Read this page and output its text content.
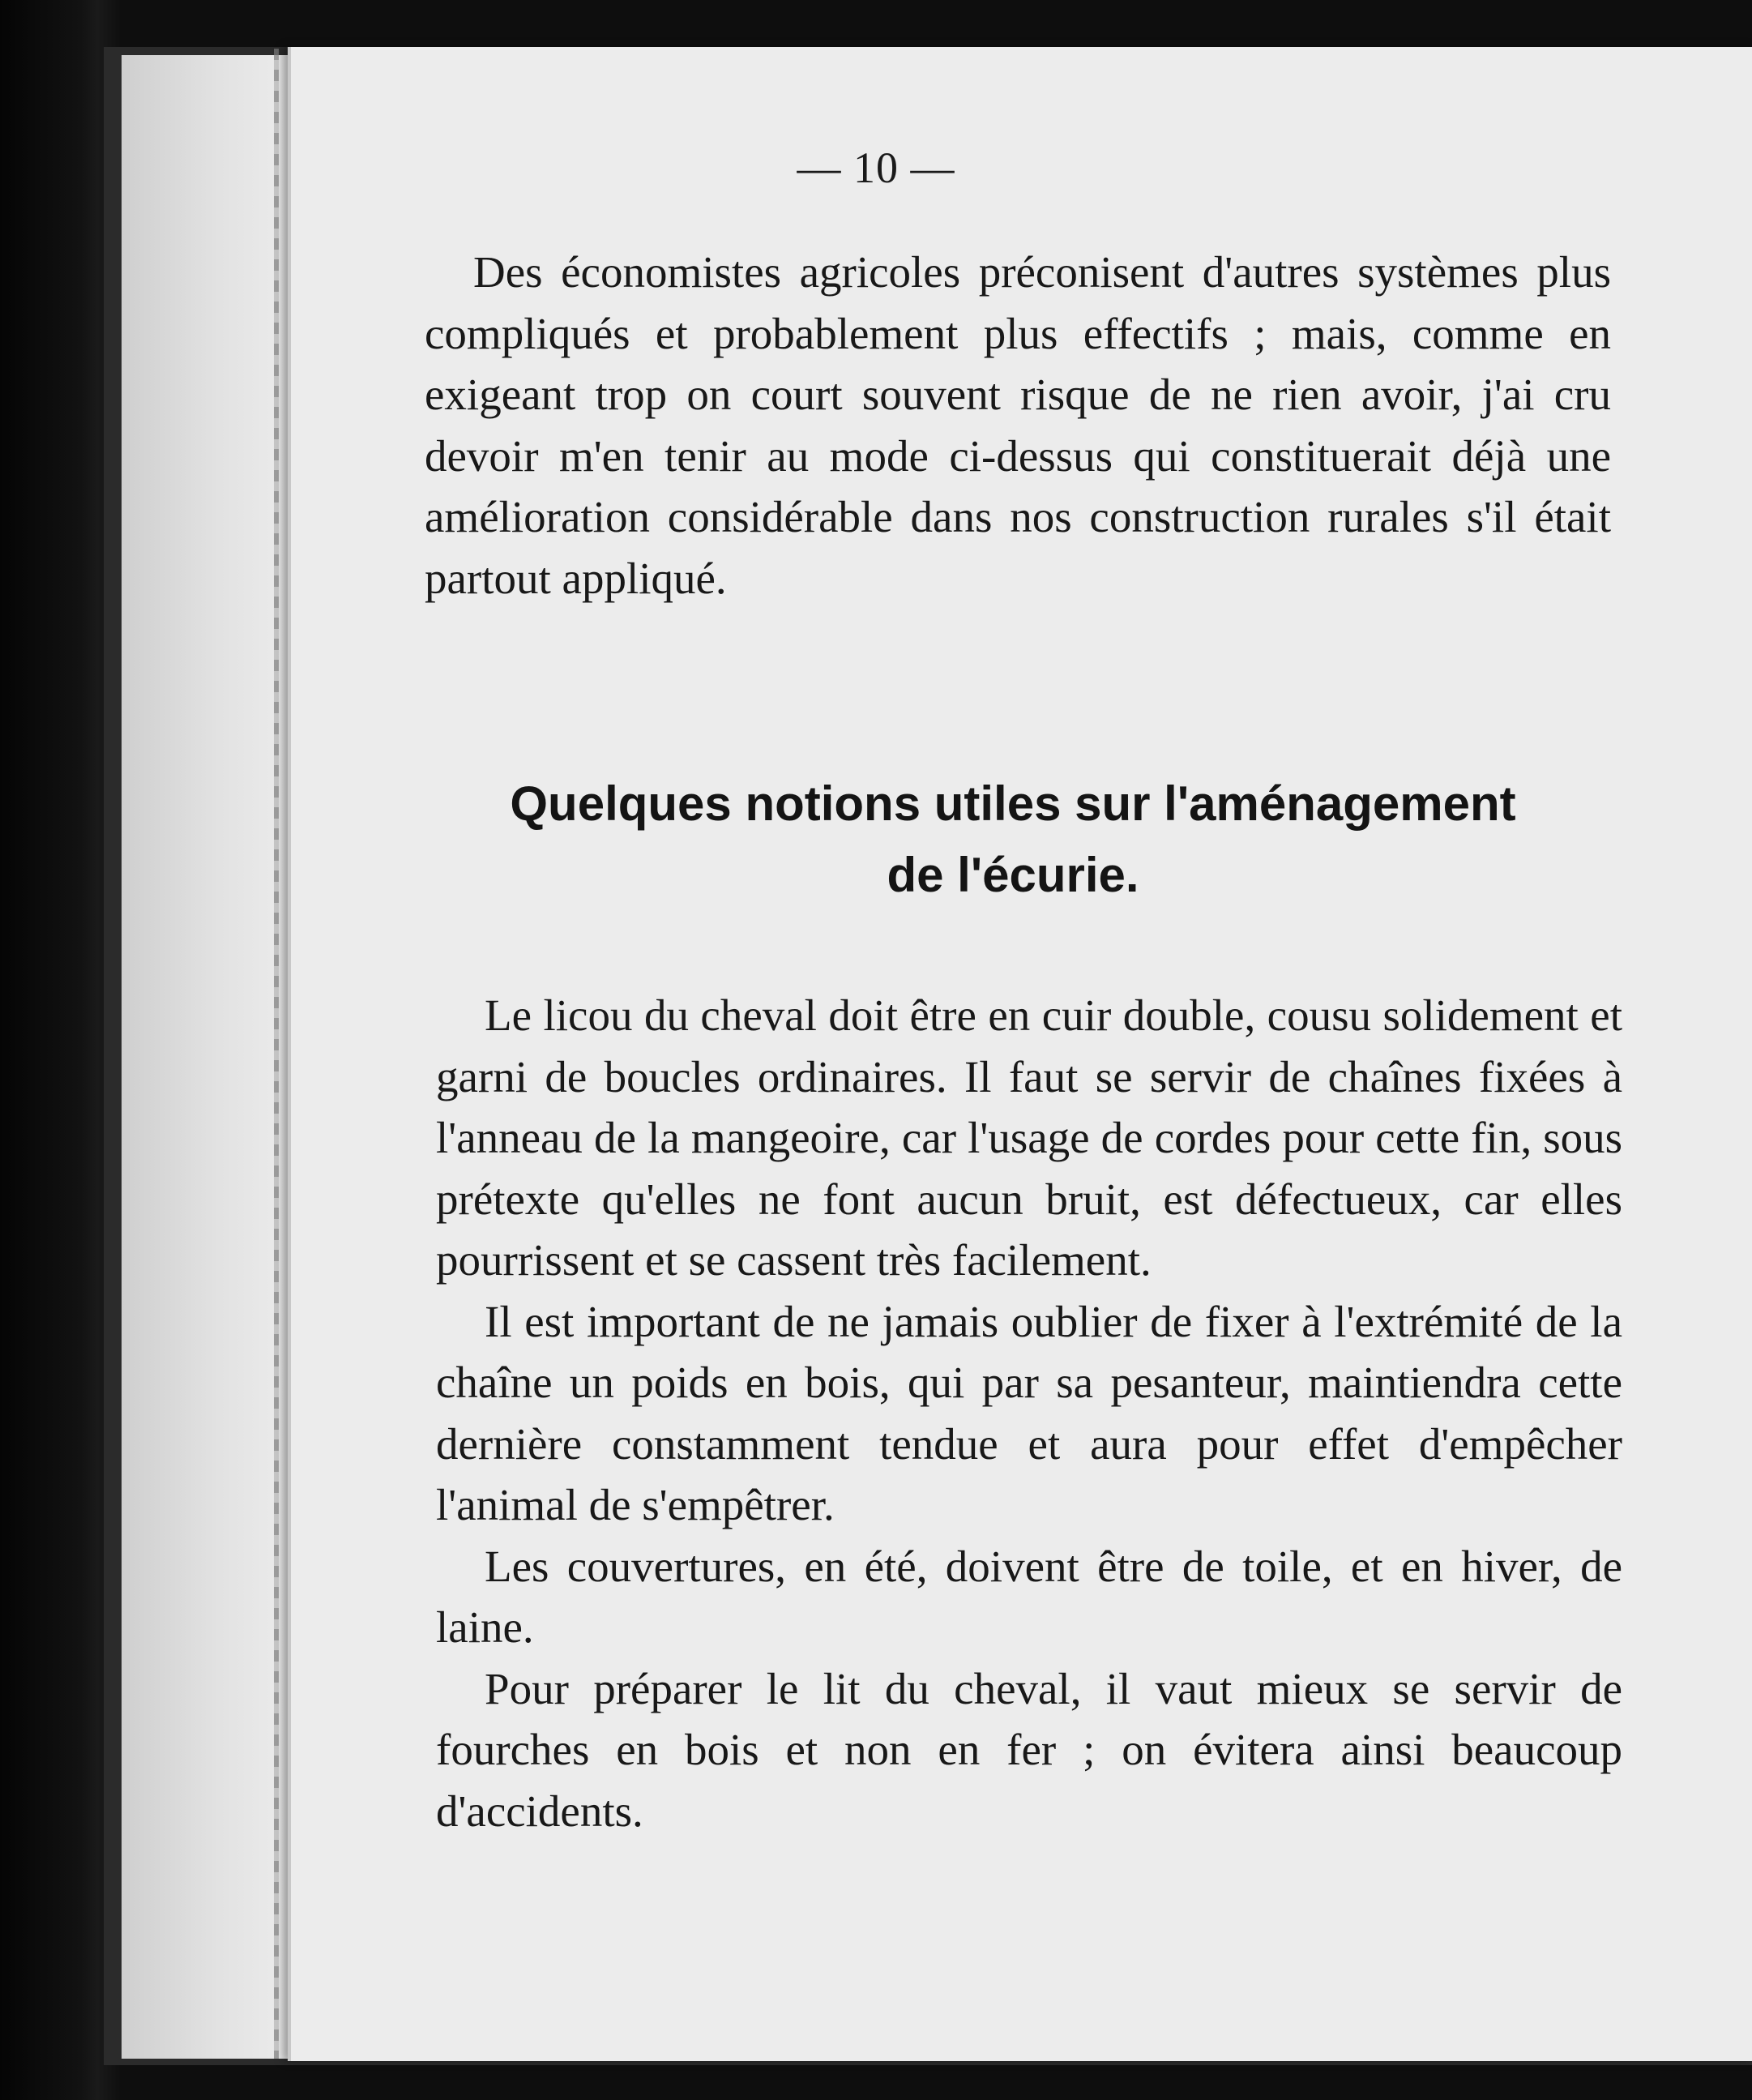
— 10 —

Des économistes agricoles préconisent d'autres systèmes plus compliqués et probablement plus effectifs ; mais, comme en exigeant trop on court souvent risque de ne rien avoir, j'ai cru devoir m'en tenir au mode ci-dessus qui constituerait déjà une amélioration considérable dans nos construction rurales s'il était partout appliqué.

Quelques notions utiles sur l'aménagement
de l'écurie.

Le licou du cheval doit être en cuir double, cousu solidement et garni de boucles ordinaires. Il faut se servir de chaînes fixées à l'anneau de la mangeoire, car l'usage de cordes pour cette fin, sous prétexte qu'elles ne font aucun bruit, est défectueux, car elles pourrissent et se cassent très facilement.

Il est important de ne jamais oublier de fixer à l'extrémité de la chaîne un poids en bois, qui par sa pesanteur, maintiendra cette dernière constamment tendue et aura pour effet d'empêcher l'animal de s'empêtrer.

Les couvertures, en été, doivent être de toile, et en hiver, de laine.

Pour préparer le lit du cheval, il vaut mieux se servir de fourches en bois et non en fer ; on évitera ainsi beaucoup d'accidents.
